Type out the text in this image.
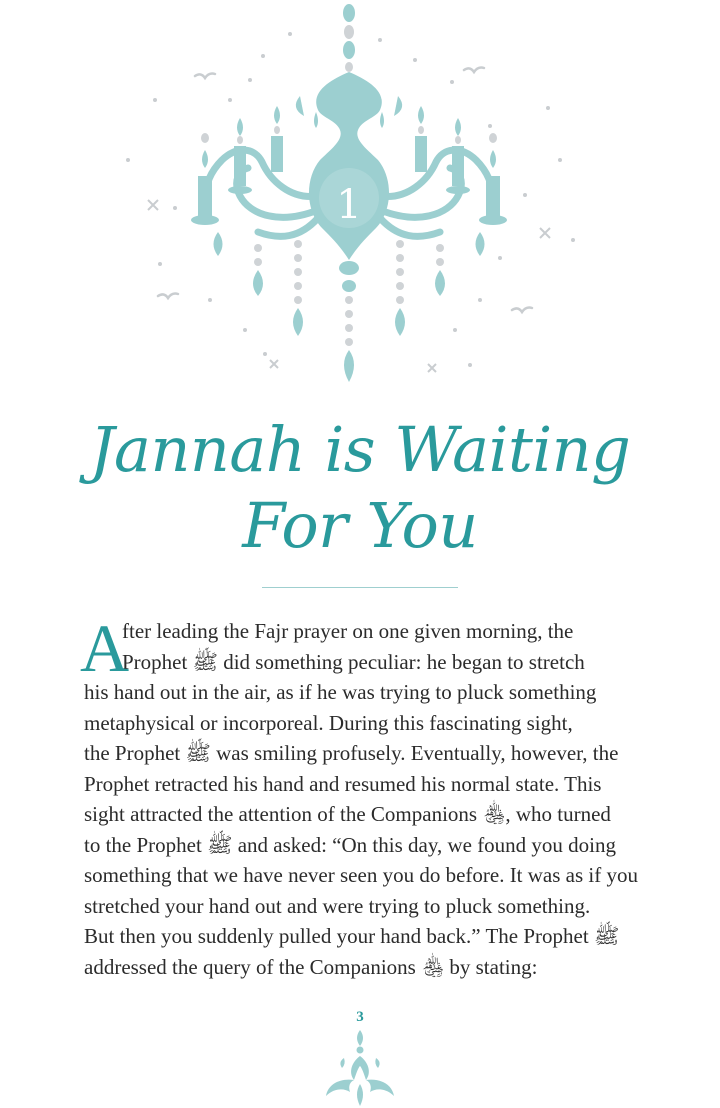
1
Jannah is Waiting
For You
A
fter leading the Fajr prayer on one given morning, the
Prophet ﷺ did something peculiar: he began to stretch
his hand out in the air, as if he was trying to pluck something
metaphysical or incorporeal. During this fascinating sight,
the Prophet ﷺ was smiling profusely. Eventually, however, the
Prophet retracted his hand and resumed his normal state. This
sight attracted the attention of the Companions ﵃, who turned
to the Prophet ﷺ and asked: “On this day, we found you doing
something that we have never seen you do before. It was as if you
stretched your hand out and were trying to pluck something.
But then you suddenly pulled your hand back.” The Prophet ﷺ
addressed the query of the Companions ﵃ by stating:
3
